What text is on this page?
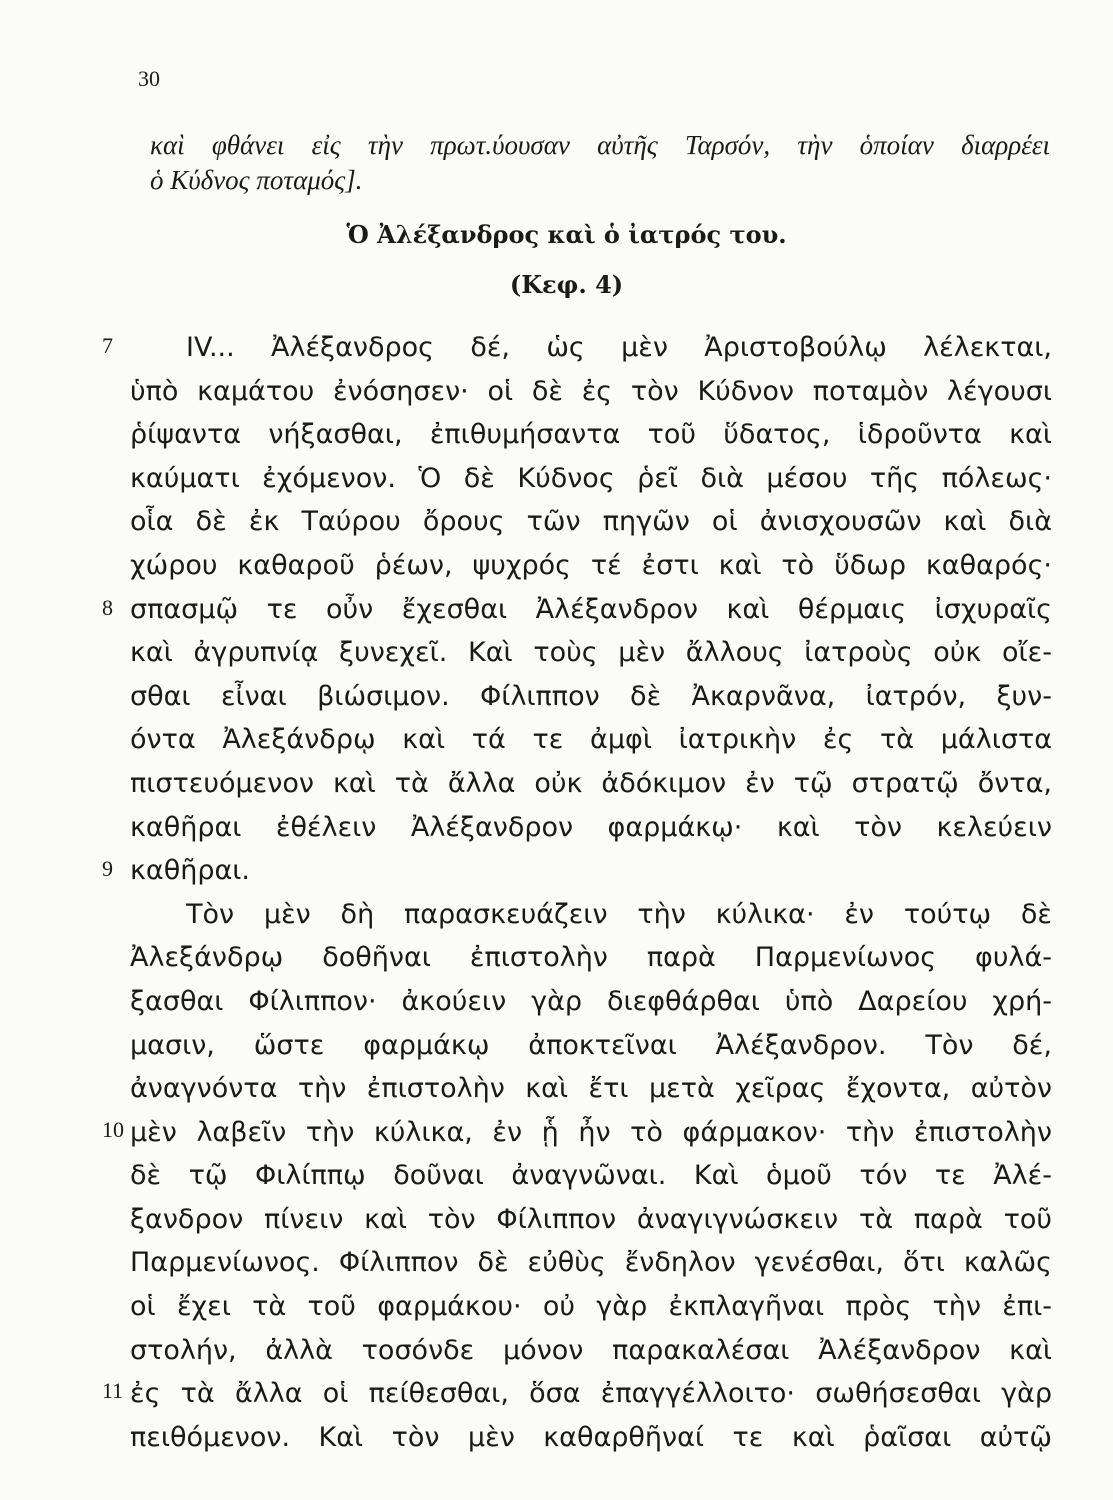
30
καὶ φθάνει εἰς τὴν πρωτ.ύουσαν αὐτῆς Ταρσόν, τὴν ὁποίαν διαρρέει
ὁ Κύδνος ποταμός].
Ὁ Ἀλέξανδρος καὶ ὁ ἰατρός του.
(Κεφ. 4)
7
8
9
10
11
IV... Ἀλέξανδρος δέ, ὡς μὲν Ἀριστοβούλῳ λέλεκται,
ὑπὸ καμάτου ἐνόσησεν· οἱ δὲ ἐς τὸν Κύδνον ποταμὸν λέγουσι
ῥίψαντα νήξασθαι, ἐπιθυμήσαντα τοῦ ὕδατος, ἱδροῦντα καὶ
καύματι ἐχόμενον. Ὁ δὲ Κύδνος ῥεῖ διὰ μέσου τῆς πόλεως·
οἷα δὲ ἐκ Ταύρου ὄρους τῶν πηγῶν οἱ ἀνισχουσῶν καὶ διὰ
χώρου καθαροῦ ῥέων, ψυχρός τέ ἐστι καὶ τὸ ὕδωρ καθαρός·
σπασμῷ τε οὖν ἔχεσθαι Ἀλέξανδρον καὶ θέρμαις ἰσχυραῖς
καὶ ἀγρυπνίᾳ ξυνεχεῖ. Καὶ τοὺς μὲν ἄλλους ἰατροὺς οὐκ οἴε-
σθαι εἶναι βιώσιμον. Φίλιππον δὲ Ἀκαρνᾶνα, ἰατρόν, ξυν-
όντα Ἀλεξάνδρῳ καὶ τά τε ἀμφὶ ἰατρικὴν ἐς τὰ μάλιστα
πιστευόμενον καὶ τὰ ἄλλα οὐκ ἀδόκιμον ἐν τῷ στρατῷ ὄντα,
καθῆραι ἐθέλειν Ἀλέξανδρον φαρμάκῳ· καὶ τὸν κελεύειν
καθῆραι.
Τὸν μὲν δὴ παρασκευάζειν τὴν κύλικα· ἐν τούτῳ δὲ
Ἀλεξάνδρῳ δοθῆναι ἐπιστολὴν παρὰ Παρμενίωνος φυλά-
ξασθαι Φίλιππον· ἀκούειν γὰρ διεφθάρθαι ὑπὸ Δαρείου χρή-
μασιν, ὥστε φαρμάκῳ ἀποκτεῖναι Ἀλέξανδρον. Τὸν δέ,
ἀναγνόντα τὴν ἐπιστολὴν καὶ ἔτι μετὰ χεῖρας ἔχοντα, αὐτὸν
μὲν λαβεῖν τὴν κύλικα, ἐν ᾗ ἦν τὸ φάρμακον· τὴν ἐπιστολὴν
δὲ τῷ Φιλίππῳ δοῦναι ἀναγνῶναι. Καὶ ὁμοῦ τόν τε Ἀλέ-
ξανδρον πίνειν καὶ τὸν Φίλιππον ἀναγιγνώσκειν τὰ παρὰ τοῦ
Παρμενίωνος. Φίλιππον δὲ εὐθὺς ἔνδηλον γενέσθαι, ὅτι καλῶς
οἱ ἔχει τὰ τοῦ φαρμάκου· οὐ γὰρ ἐκπλαγῆναι πρὸς τὴν ἐπι-
στολήν, ἀλλὰ τοσόνδε μόνον παρακαλέσαι Ἀλέξανδρον καὶ
ἐς τὰ ἄλλα οἱ πείθεσθαι, ὅσα ἐπαγγέλλοιτο· σωθήσεσθαι γὰρ
πειθόμενον. Καὶ τὸν μὲν καθαρθῆναί τε καὶ ῥαῖσαι αὐτῷ
